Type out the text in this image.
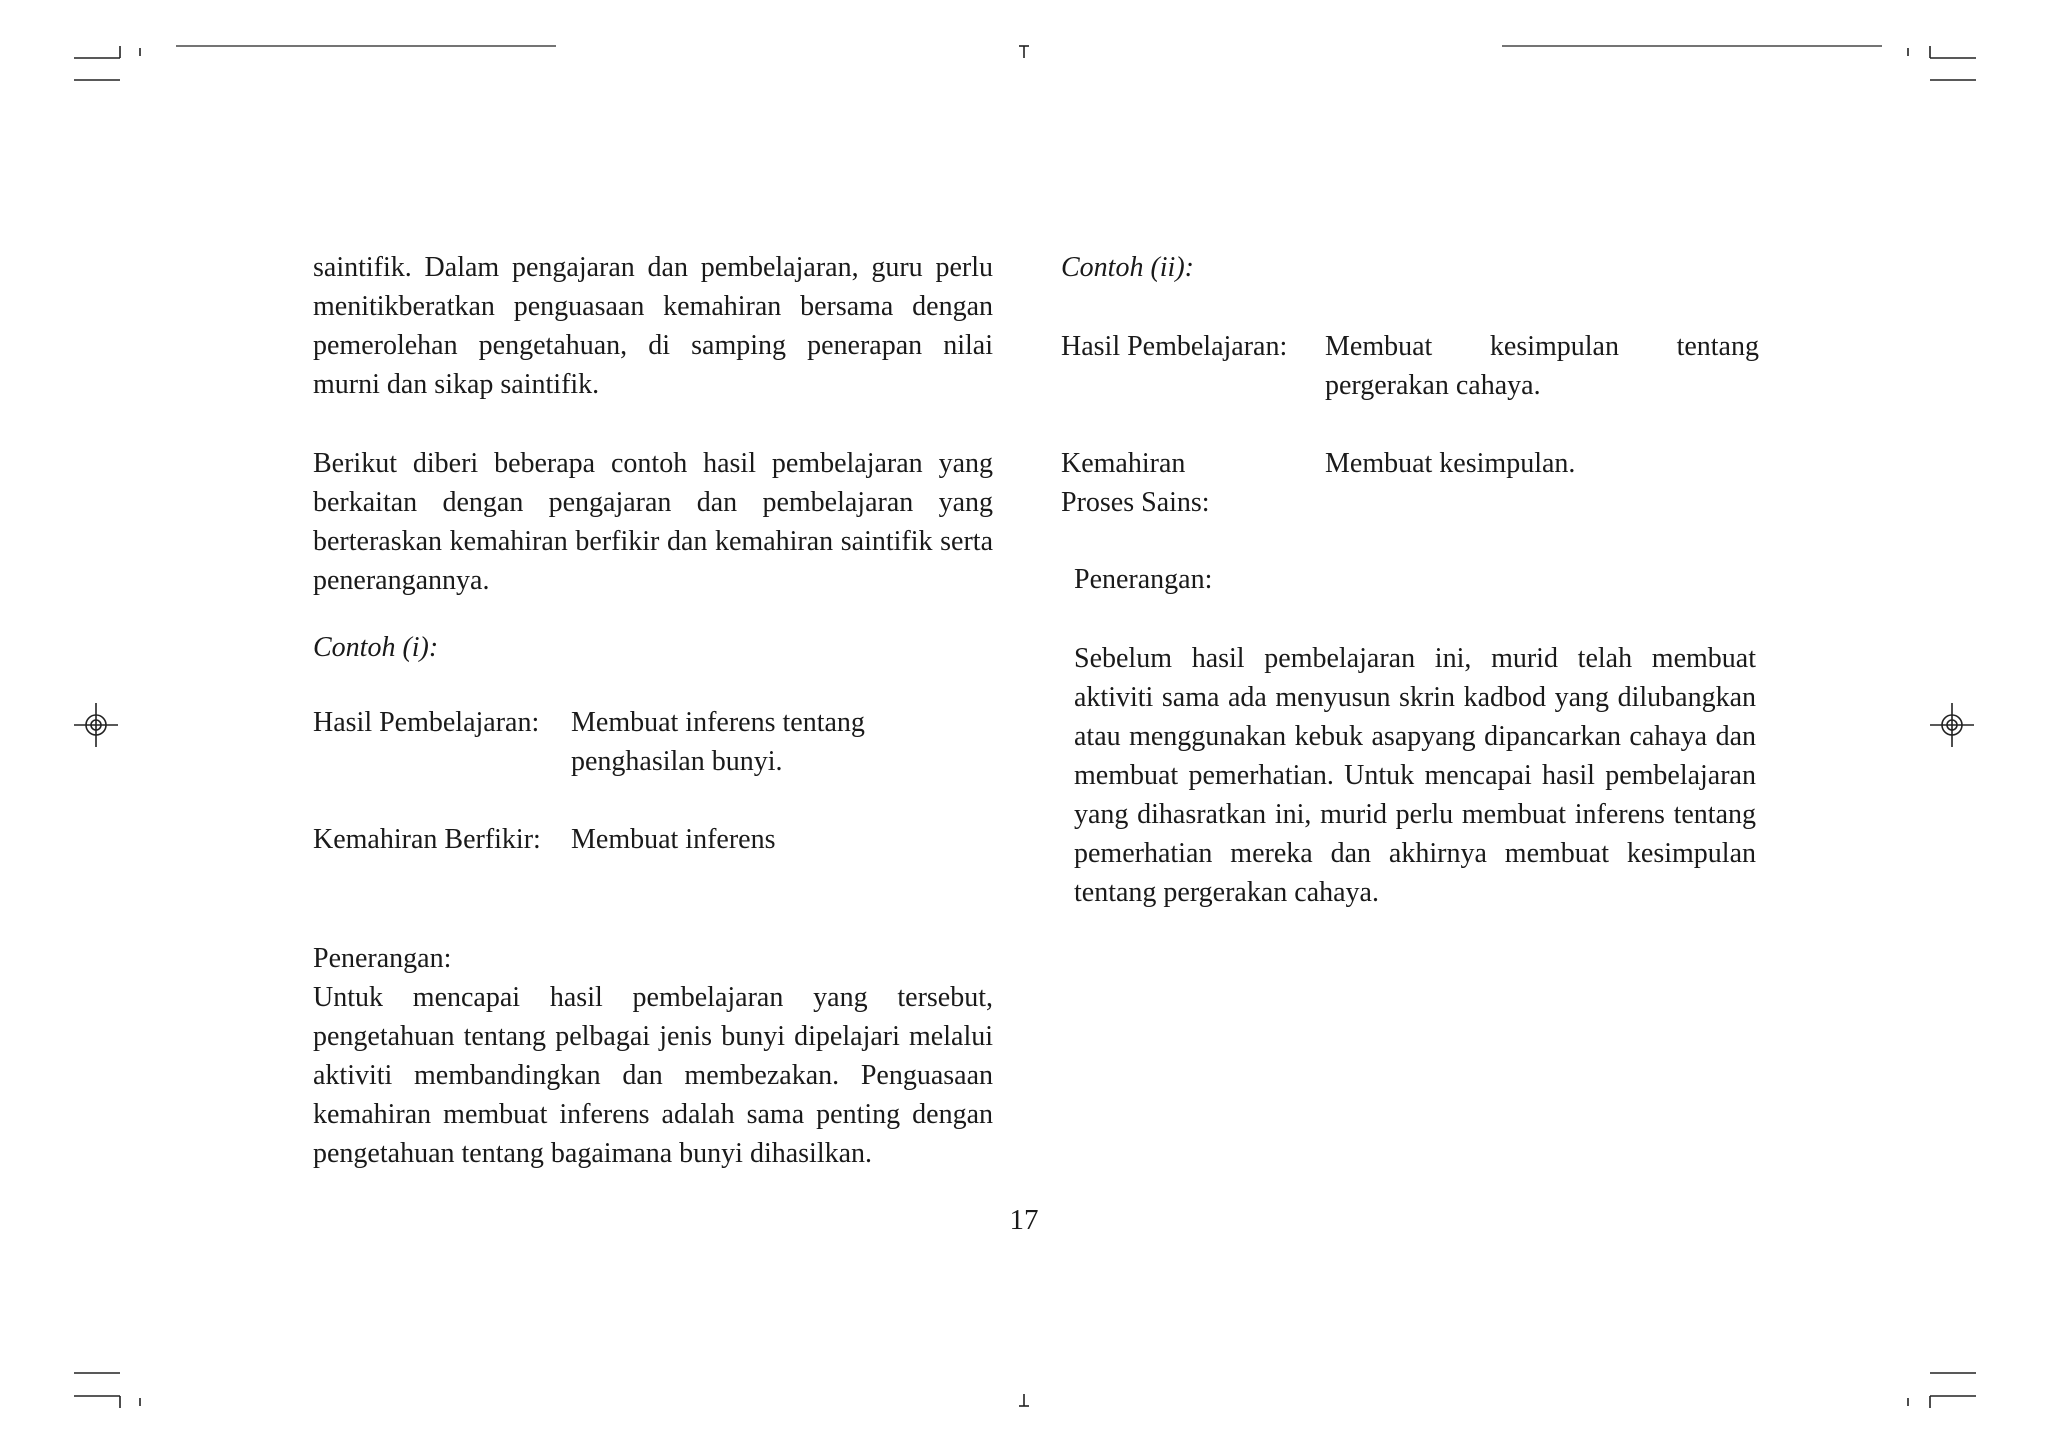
saintifik. Dalam pengajaran dan pembelajaran, guru perlu menitikberatkan penguasaan kemahiran bersama dengan pemerolehan pengetahuan, di samping penerapan nilai murni dan sikap saintifik.

Berikut diberi beberapa contoh hasil pembelajaran yang berkaitan dengan pengajaran dan pembelajaran yang berteraskan kemahiran berfikir dan kemahiran saintifik serta penerangannya.

Contoh (i):
Hasil Pembelajaran:	Membuat inferens tentang penghasilan bunyi.
Kemahiran Berfikir:	Membuat inferens
Penerangan:

Untuk mencapai hasil pembelajaran yang tersebut, pengetahuan tentang pelbagai jenis bunyi dipelajari melalui aktiviti membandingkan dan membezakan. Penguasaan kemahiran membuat inferens adalah sama penting dengan pengetahuan tentang bagaimana bunyi dihasilkan.

Contoh (ii):
Hasil Pembelajaran:	Membuat kesimpulan tentang pergerakan cahaya.
Kemahiran Proses Sains:
Membuat kesimpulan.
Penerangan:

Sebelum hasil pembelajaran ini, murid telah membuat aktiviti sama ada menyusun skrin kadbod yang dilubangkan atau menggunakan kebuk asapyang dipancarkan cahaya dan membuat pemerhatian. Untuk mencapai hasil pembelajaran yang dihasratkan ini, murid perlu membuat inferens tentang pemerhatian mereka dan akhirnya membuat kesimpulan tentang pergerakan cahaya.

17
